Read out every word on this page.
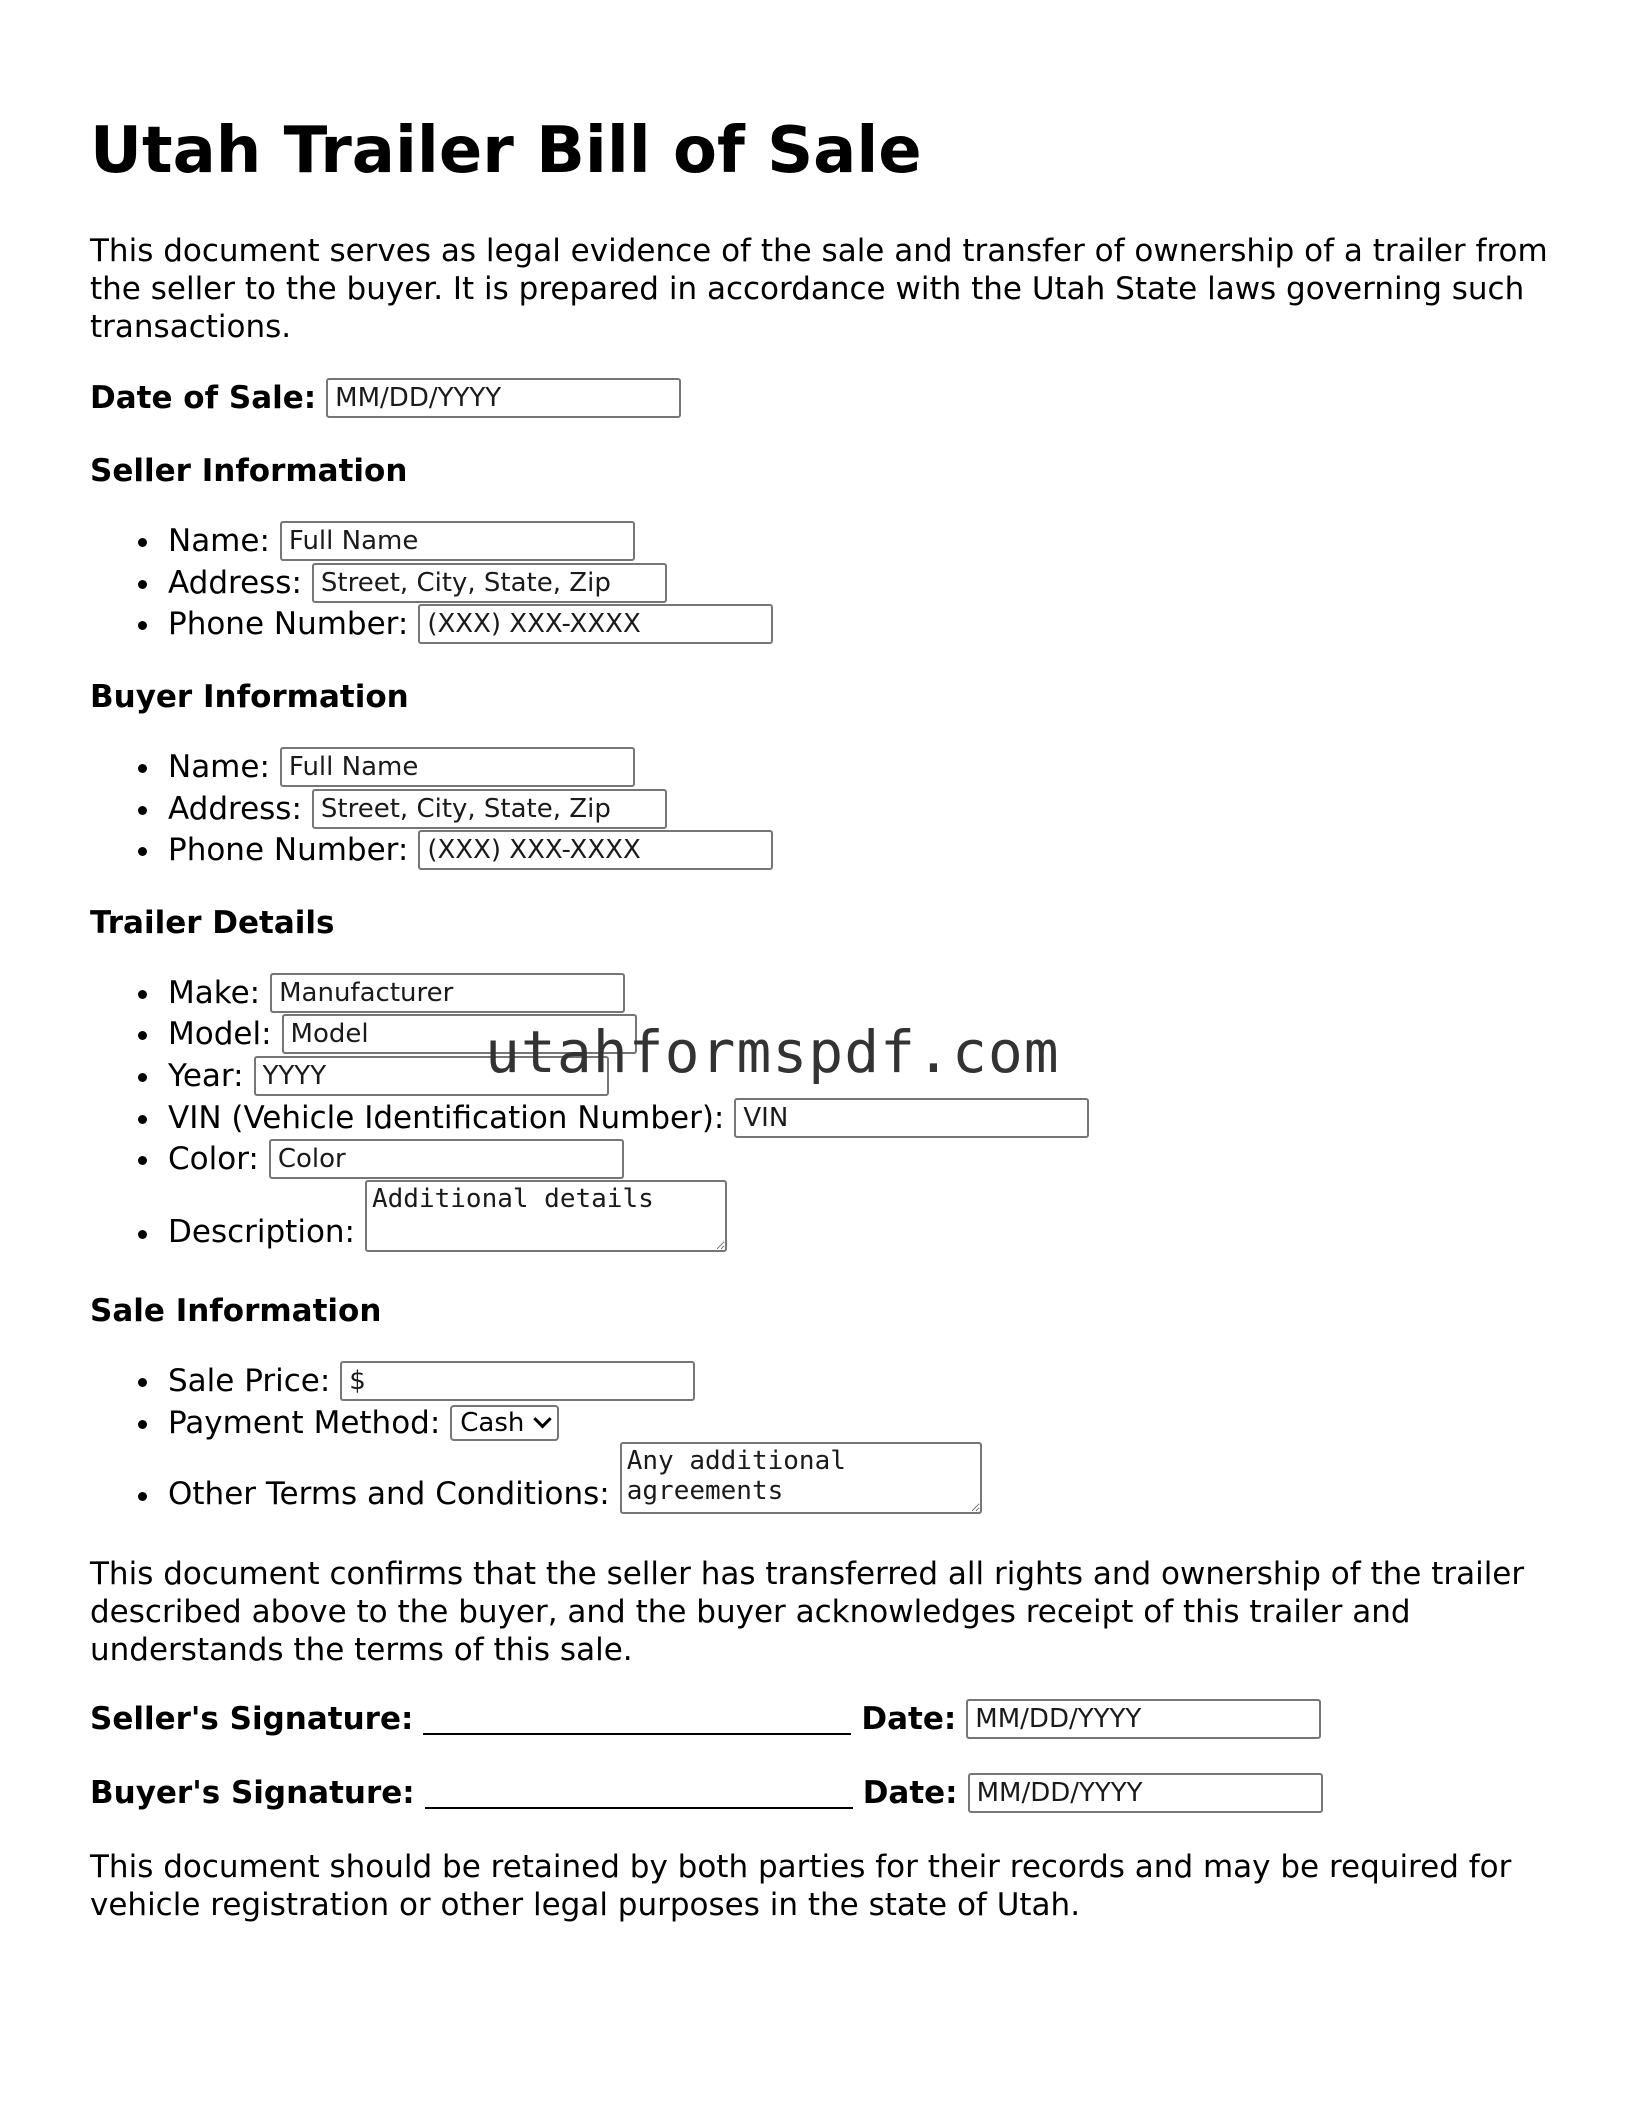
Utah Trailer Bill of Sale

This document serves as legal evidence of the sale and transfer of ownership of a trailer from the seller to the buyer. It is prepared in accordance with the Utah State laws governing such transactions.

Date of Sale:
MM/DD/YYYY
Seller Information
Name:
Full Name
Address:
Street, City, State, Zip
Phone Number:
(XXX) XXX-XXXX
Buyer Information
Name:
Full Name
Address:
Street, City, State, Zip
Phone Number:
(XXX) XXX-XXXX
Trailer Details
Make:
Manufacturer
Model:
Model
Year:
YYYY
VIN (Vehicle Identification Number):
VIN
Color:
Color
Description:
Additional details
Sale Information
Sale Price:
$
Payment Method: Cash
Other Terms and Conditions:
Any additional agreements

This document confirms that the seller has transferred all rights and ownership of the trailer described above to the buyer, and the buyer acknowledges receipt of this trailer and understands the terms of this sale.

Seller's Signature:	Date:
MM/DD/YYYY
Buyer's Signature:	Date:
MM/DD/YYYY

This document should be retained by both parties for their records and may be required for vehicle registration or other legal purposes in the state of Utah.

utahformspdf.com
